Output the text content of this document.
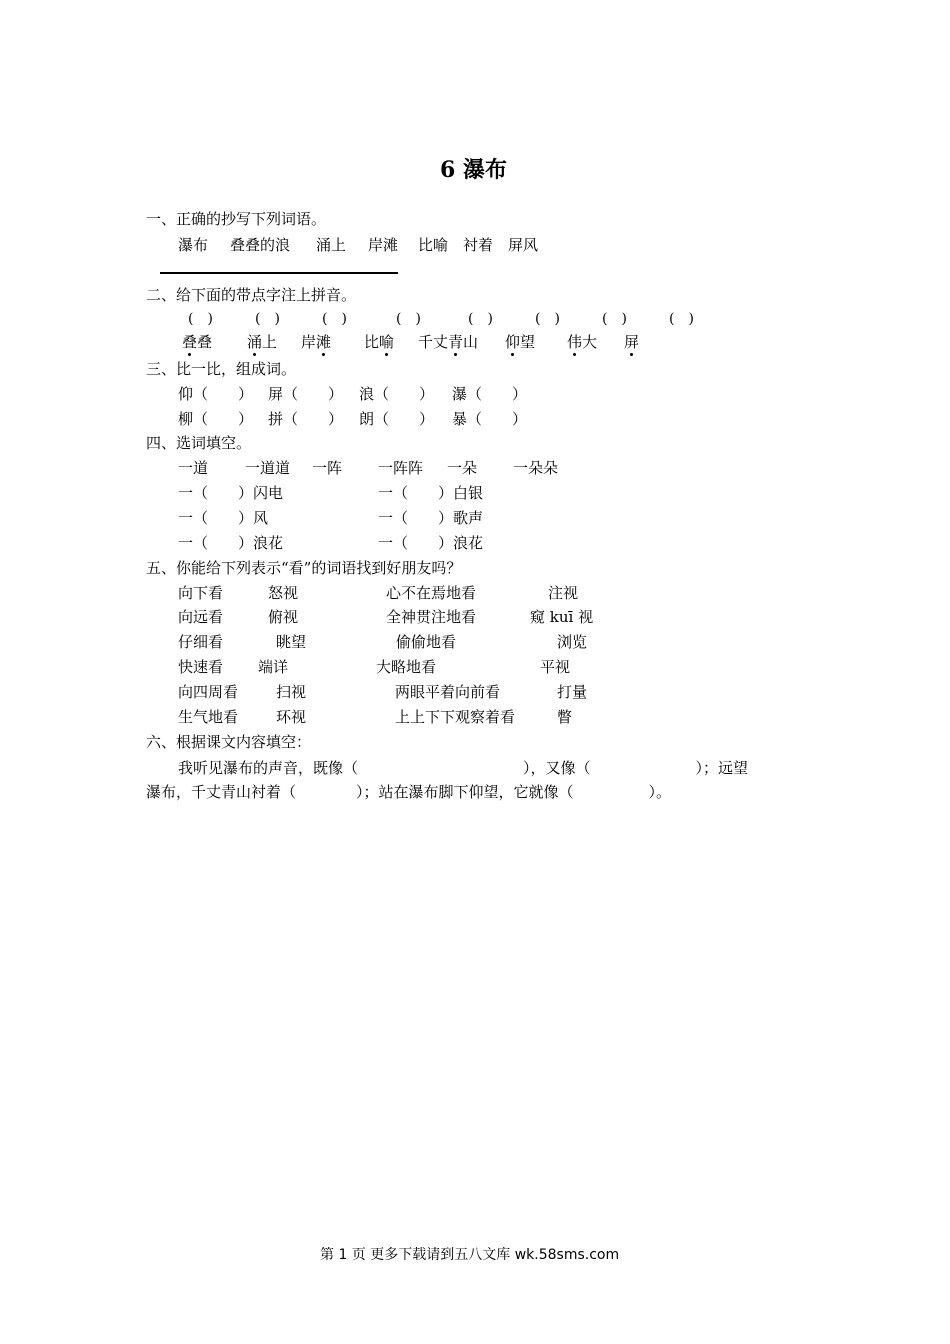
6 瀑布
一、正确的抄写下列词语。
瀑布 叠叠的浪 涌上 岸滩 比喻 衬着 屏风
二、给下面的带点字注上拼音。
(　)	(　)	(　)	(　)	(　)	(　)	(　)	(　)
叠叠 涌上 岸滩 比喻 千丈青山 仰望 伟大 屏
三、比一比，组成词。
仰（　　） 屏（　　） 浪（　　） 瀑（　　）
柳（　　） 拼（　　） 朗（　　） 暴（　　）
四、选词填空。
一道 一道道 一阵 一阵阵 一朵 一朵朵
一（　　）闪电	一（　　）白银
一（　　）风	一（　　）歌声
一（　　）浪花	一（　　）浪花
五、你能给下列表示“看”的词语找到好朋友吗？
向下看	怒视	心不在焉地看	注视
向远看	俯视	全神贯注地看	窥 kuī 视
仔细看	眺望	偷偷地看	浏览
快速看 端详	大略地看	平视
向四周看	扫视	两眼平着向前看	打量
生气地看	环视	上上下下观察着看	瞥
六、根据课文内容填空：
我听见瀑布的声音，既像（　　　　　　　　　　　），又像（　　　　　　　）；远望
瀑布，千丈青山衬着（　　　　）；站在瀑布脚下仰望，它就像（　　　　　）。
第 1 页 更多下载请到五八文库 wk.58sms.com
